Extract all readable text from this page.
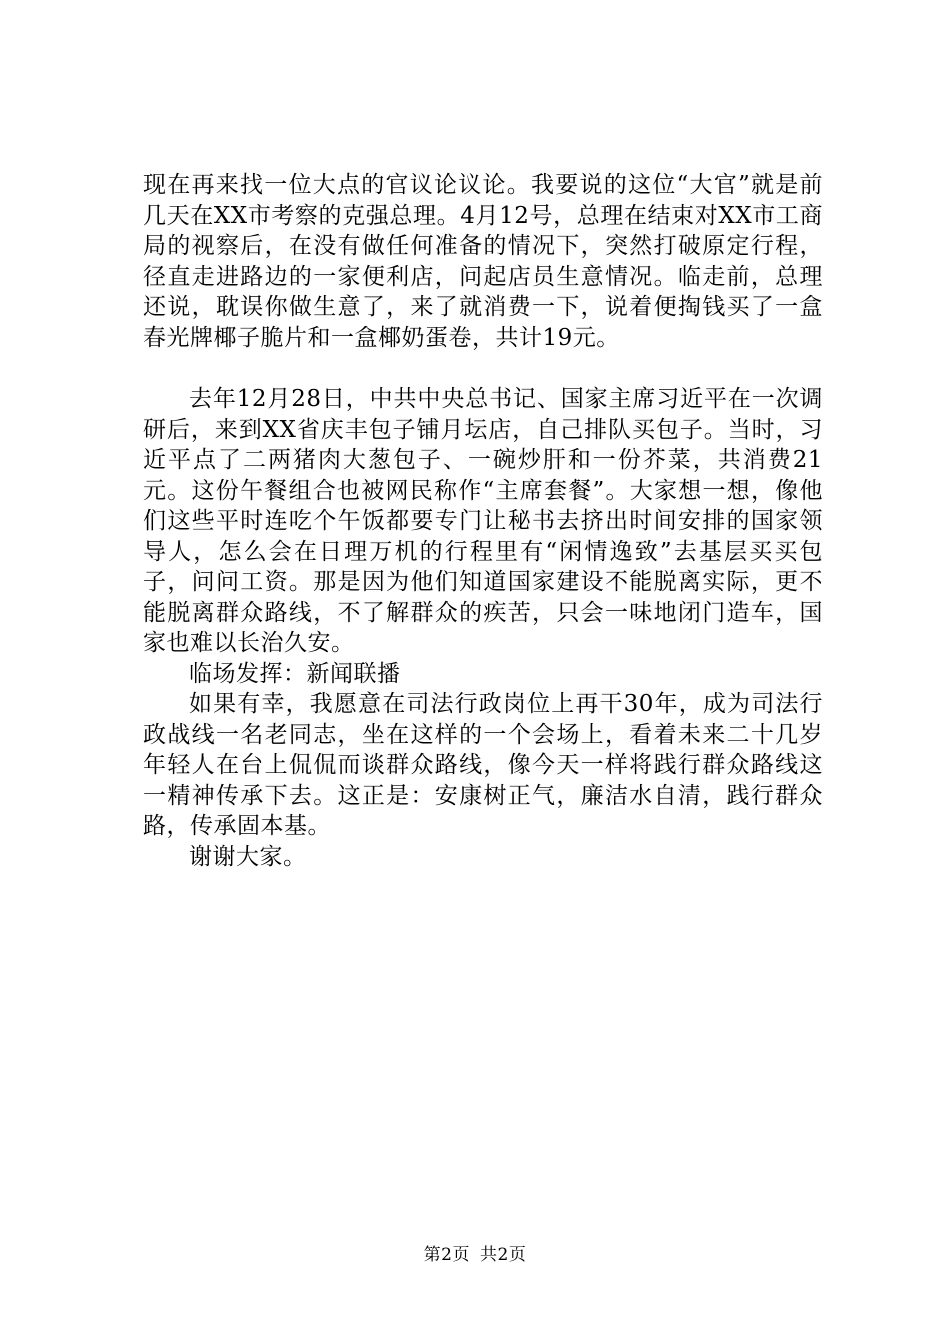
现在再来找一位大点的官议论议论。我要说的这位“大官”就是前几天在XX市考察的克强总理。4月12号，总理在结束对XX市工商局的视察后，在没有做任何准备的情况下，突然打破原定行程，径直走进路边的一家便利店，问起店员生意情况。临走前，总理还说，耽误你做生意了，来了就消费一下，说着便掏钱买了一盒春光牌椰子脆片和一盒椰奶蛋卷，共计19元。

去年12月28日，中共中央总书记、国家主席习近平在一次调研后，来到XX省庆丰包子铺月坛店，自己排队买包子。当时，习近平点了二两猪肉大葱包子、一碗炒肝和一份芥菜，共消费21元。这份午餐组合也被网民称作“主席套餐”。大家想一想，像他们这些平时连吃个午饭都要专门让秘书去挤出时间安排的国家领导人，怎么会在日理万机的行程里有“闲情逸致”去基层买买包子，问问工资。那是因为他们知道国家建设不能脱离实际，更不能脱离群众路线，不了解群众的疾苦，只会一味地闭门造车，国家也难以长治久安。

临场发挥：新闻联播

如果有幸，我愿意在司法行政岗位上再干30年，成为司法行政战线一名老同志，坐在这样的一个会场上，看着未来二十几岁年轻人在台上侃侃而谈群众路线，像今天一样将践行群众路线这一精神传承下去。这正是：安康树正气，廉洁水自清，践行群众路，传承固本基。

谢谢大家。

第2页 共2页
